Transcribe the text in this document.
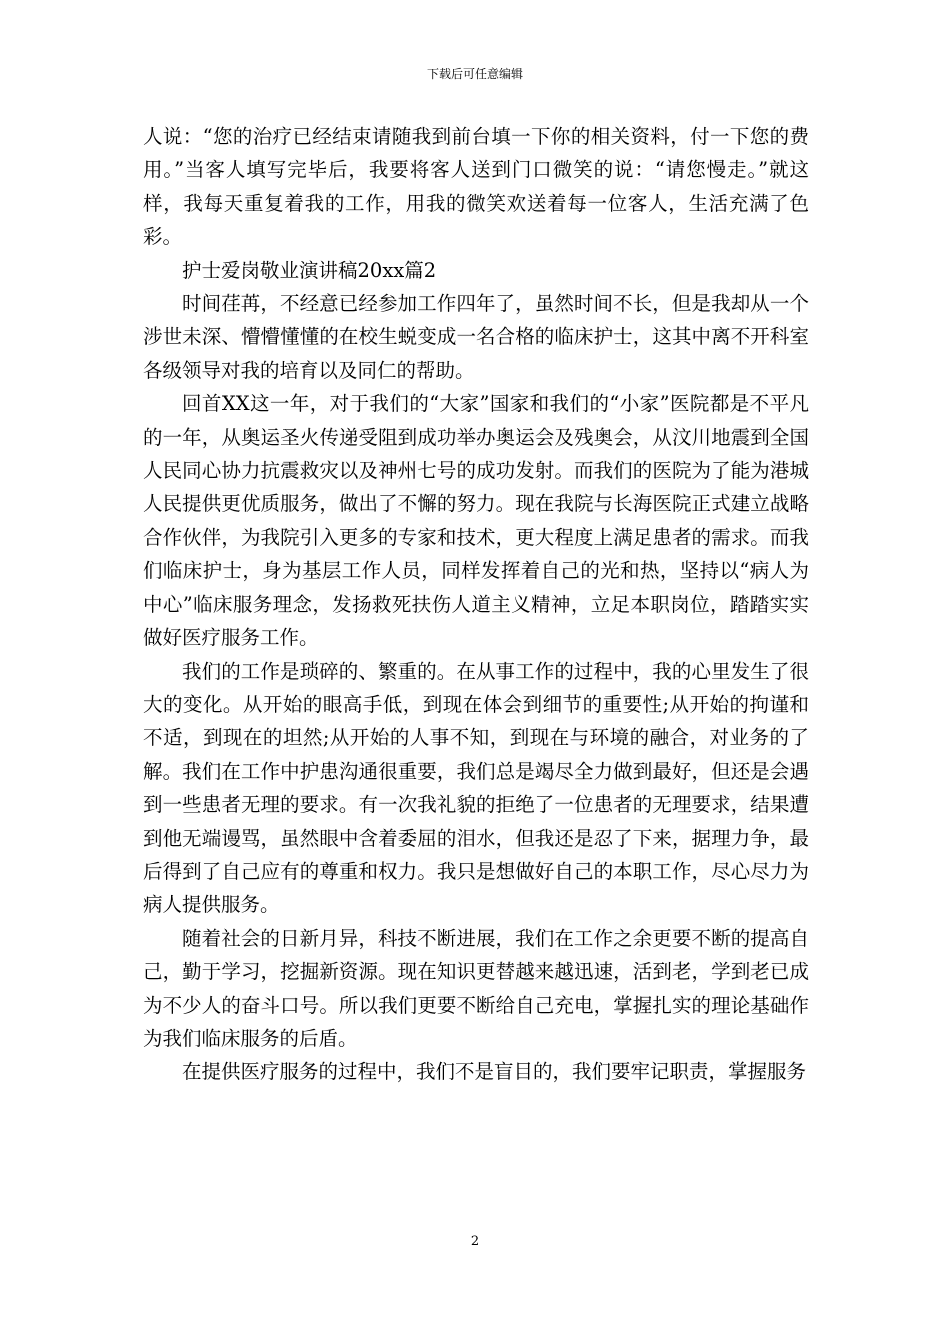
下载后可任意编辑

人说：“您的治疗已经结束请随我到前台填一下你的相关资料，付一下您的费用。”当客人填写完毕后，我要将客人送到门口微笑的说：“请您慢走。”就这样，我每天重复着我的工作，用我的微笑欢送着每一位客人，生活充满了色彩。

护士爱岗敬业演讲稿20xx篇2

时间荏苒，不经意已经参加工作四年了，虽然时间不长，但是我却从一个涉世未深、懵懵懂懂的在校生蜕变成一名合格的临床护士，这其中离不开科室各级领导对我的培育以及同仁的帮助。

回首XX这一年，对于我们的“大家”国家和我们的“小家”医院都是不平凡的一年，从奥运圣火传递受阻到成功举办奥运会及残奥会，从汶川地震到全国人民同心协力抗震救灾以及神州七号的成功发射。而我们的医院为了能为港城人民提供更优质服务，做出了不懈的努力。现在我院与长海医院正式建立战略合作伙伴，为我院引入更多的专家和技术，更大程度上满足患者的需求。而我们临床护士，身为基层工作人员，同样发挥着自己的光和热，坚持以“病人为中心”临床服务理念，发扬救死扶伤人道主义精神，立足本职岗位，踏踏实实做好医疗服务工作。

我们的工作是琐碎的、繁重的。在从事工作的过程中，我的心里发生了很大的变化。从开始的眼高手低，到现在体会到细节的重要性;从开始的拘谨和不适，到现在的坦然;从开始的人事不知，到现在与环境的融合，对业务的了解。我们在工作中护患沟通很重要，我们总是竭尽全力做到最好，但还是会遇到一些患者无理的要求。有一次我礼貌的拒绝了一位患者的无理要求，结果遭到他无端谩骂，虽然眼中含着委屈的泪水，但我还是忍了下来，据理力争，最后得到了自己应有的尊重和权力。我只是想做好自己的本职工作，尽心尽力为病人提供服务。

随着社会的日新月异，科技不断进展，我们在工作之余更要不断的提高自己，勤于学习，挖掘新资源。现在知识更替越来越迅速，活到老，学到老已成为不少人的奋斗口号。所以我们更要不断给自己充电，掌握扎实的理论基础作为我们临床服务的后盾。

在提供医疗服务的过程中，我们不是盲目的，我们要牢记职责，掌握服务

2
